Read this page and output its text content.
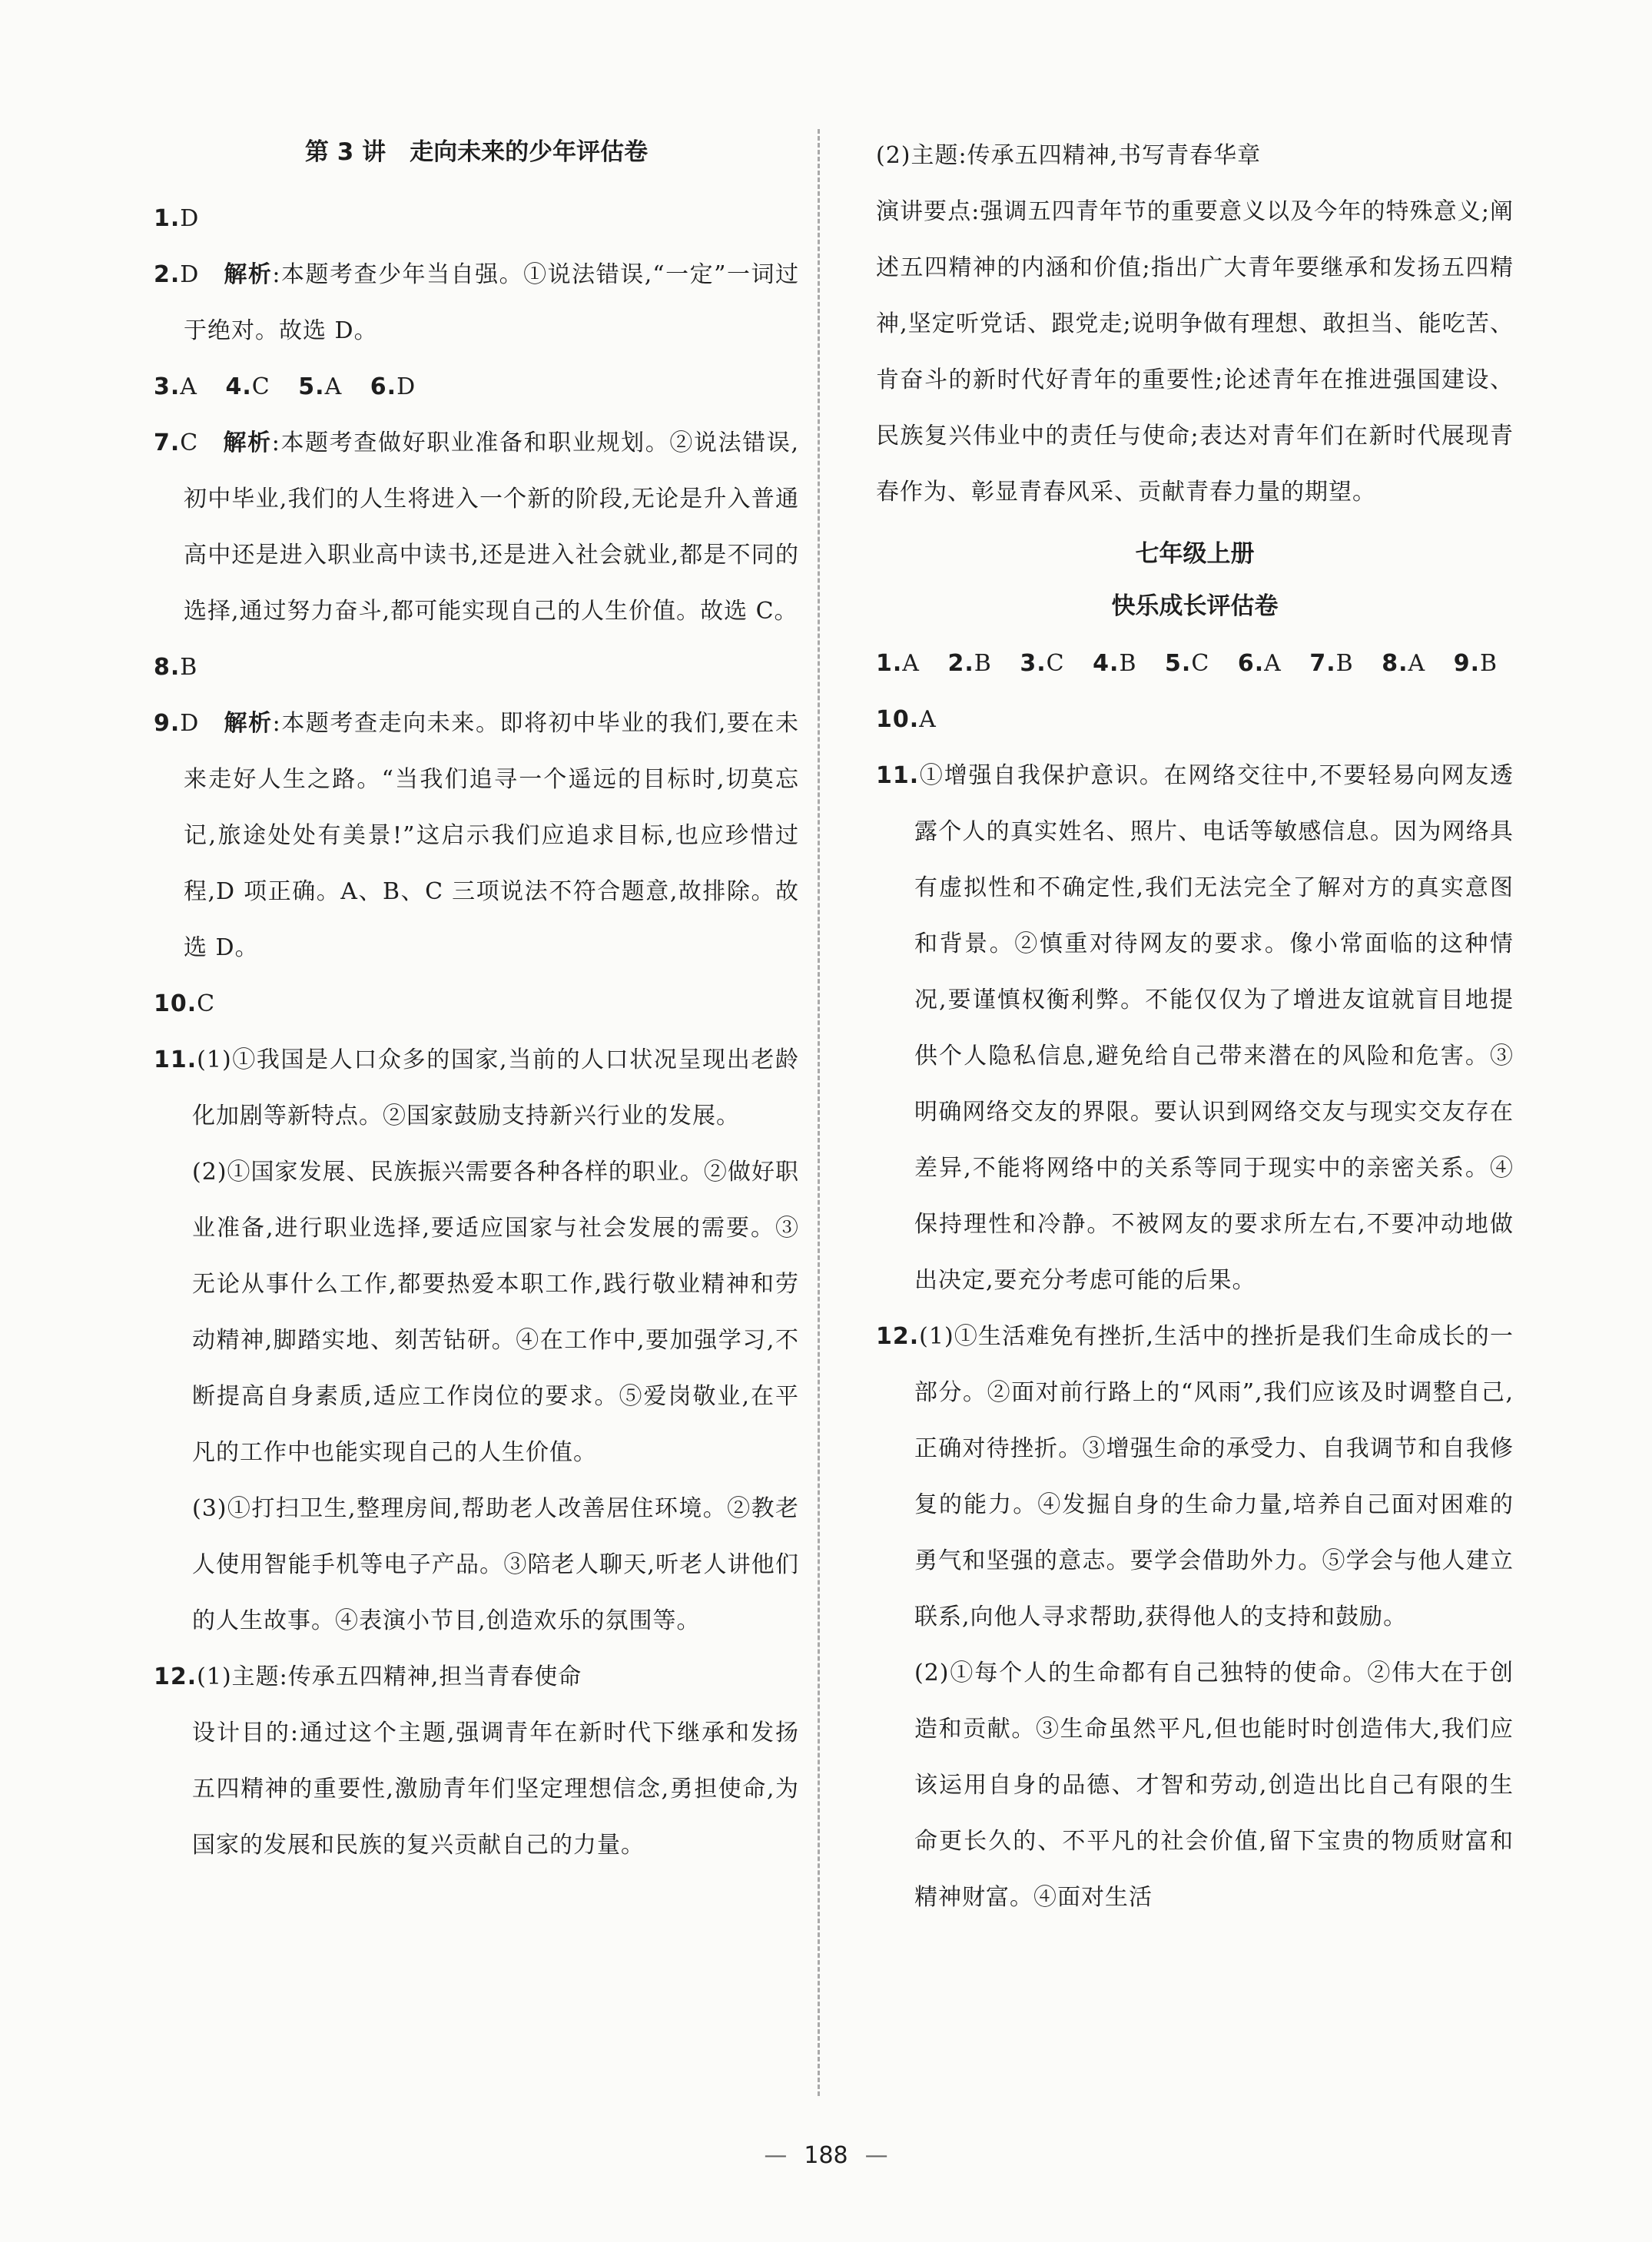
第 3 讲　走向未来的少年评估卷

1.D

2.D　 解析:本题考查少年当自强。①说法错误,“一定”一词过于绝对。故选 D。

3.A 4.C 5.A 6.D

7.C　 解析:本题考查做好职业准备和职业规划。②说法错误,初中毕业,我们的人生将进入一个新的阶段,无论是升入普通高中还是进入职业高中读书,还是进入社会就业,都是不同的选择,通过努力奋斗,都可能实现自己的人生价值。故选 C。

8.B

9.D　 解析:本题考查走向未来。即将初中毕业的我们,要在未来走好人生之路。“当我们追寻一个遥远的目标时,切莫忘记,旅途处处有美景!”这启示我们应追求目标,也应珍惜过程,D 项正确。A、B、C 三项说法不符合题意,故排除。故选 D。

10.C

11.(1)①我国是人口众多的国家,当前的人口状况呈现出老龄化加剧等新特点。②国家鼓励支持新兴行业的发展。

(2)①国家发展、民族振兴需要各种各样的职业。②做好职业准备,进行职业选择,要适应国家与社会发展的需要。③无论从事什么工作,都要热爱本职工作,践行敬业精神和劳动精神,脚踏实地、刻苦钻研。④在工作中,要加强学习,不断提高自身素质,适应工作岗位的要求。⑤爱岗敬业,在平凡的工作中也能实现自己的人生价值。

(3)①打扫卫生,整理房间,帮助老人改善居住环境。②教老人使用智能手机等电子产品。③陪老人聊天,听老人讲他们的人生故事。④表演小节目,创造欢乐的氛围等。

12.(1)主题:传承五四精神,担当青春使命

设计目的:通过这个主题,强调青年在新时代下继承和发扬五四精神的重要性,激励青年们坚定理想信念,勇担使命,为国家的发展和民族的复兴贡献自己的力量。

(2)主题:传承五四精神,书写青春华章

演讲要点:强调五四青年节的重要意义以及今年的特殊意义;阐述五四精神的内涵和价值;指出广大青年要继承和发扬五四精神,坚定听党话、跟党走;说明争做有理想、敢担当、能吃苦、肯奋斗的新时代好青年的重要性;论述青年在推进强国建设、民族复兴伟业中的责任与使命;表达对青年们在新时代展现青春作为、彰显青春风采、贡献青春力量的期望。

七年级上册
快乐成长评估卷

1.A 2.B 3.C 4.B 5.C 6.A 7.B 8.A 9.B

10.A

11.①增强自我保护意识。在网络交往中,不要轻易向网友透露个人的真实姓名、照片、电话等敏感信息。因为网络具有虚拟性和不确定性,我们无法完全了解对方的真实意图和背景。②慎重对待网友的要求。像小常面临的这种情况,要谨慎权衡利弊。不能仅仅为了增进友谊就盲目地提供个人隐私信息,避免给自己带来潜在的风险和危害。③明确网络交友的界限。要认识到网络交友与现实交友存在差异,不能将网络中的关系等同于现实中的亲密关系。④保持理性和冷静。不被网友的要求所左右,不要冲动地做出决定,要充分考虑可能的后果。

12.(1)①生活难免有挫折,生活中的挫折是我们生命成长的一部分。②面对前行路上的“风雨”,我们应该及时调整自己,正确对待挫折。③增强生命的承受力、自我调节和自我修复的能力。④发掘自身的生命力量,培养自己面对困难的勇气和坚强的意志。要学会借助外力。⑤学会与他人建立联系,向他人寻求帮助,获得他人的支持和鼓励。

(2)①每个人的生命都有自己独特的使命。②伟大在于创造和贡献。③生命虽然平凡,但也能时时创造伟大,我们应该运用自身的品德、才智和劳动,创造出比自己有限的生命更长久的、不平凡的社会价值,留下宝贵的物质财富和精神财富。④面对生活

— 188 —
